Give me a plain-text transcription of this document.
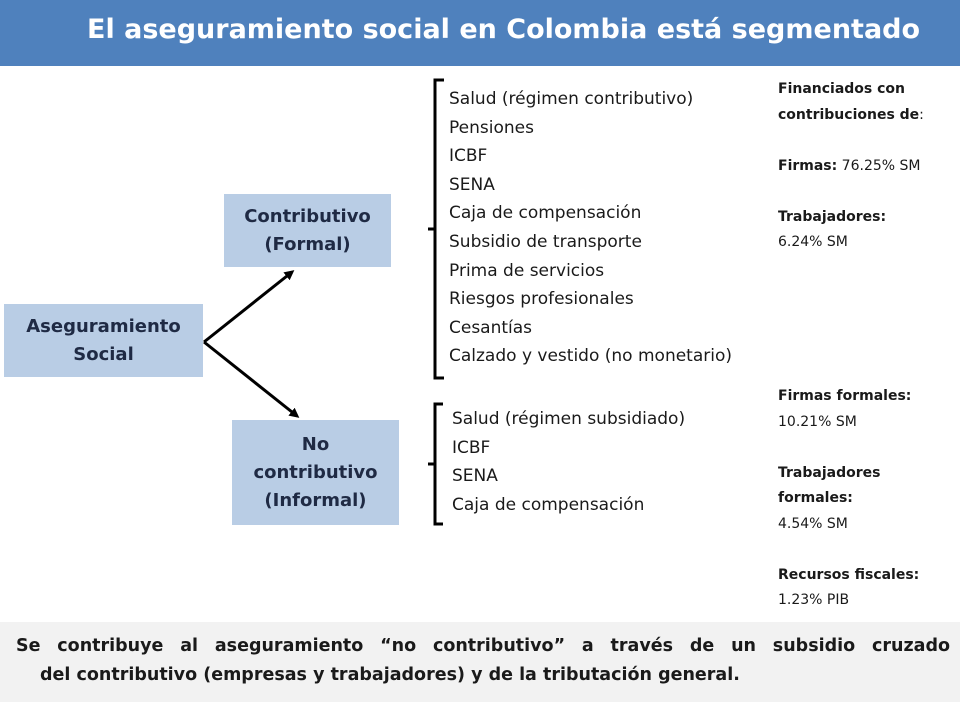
El aseguramiento social en Colombia está segmentado
Aseguramiento
Social
Contributivo
(Formal)
No
contributivo
(Informal)
Salud (régimen contributivo)
Pensiones
ICBF
SENA
Caja de compensación
Subsidio de transporte
Prima de servicios
Riesgos profesionales
Cesantías
Calzado y vestido (no monetario)
Salud (régimen subsidiado)
ICBF
SENA
Caja de compensación
Financiados con
contribuciones de:
Firmas: 76.25% SM
Trabajadores:
6.24% SM
Firmas formales:
10.21% SM
Trabajadores
formales:
4.54% SM
Recursos fiscales:
1.23% PIB
Se contribuye al aseguramiento “no contributivo” a través de un subsidio cruzado
del contributivo (empresas y trabajadores) y de la tributación general.
